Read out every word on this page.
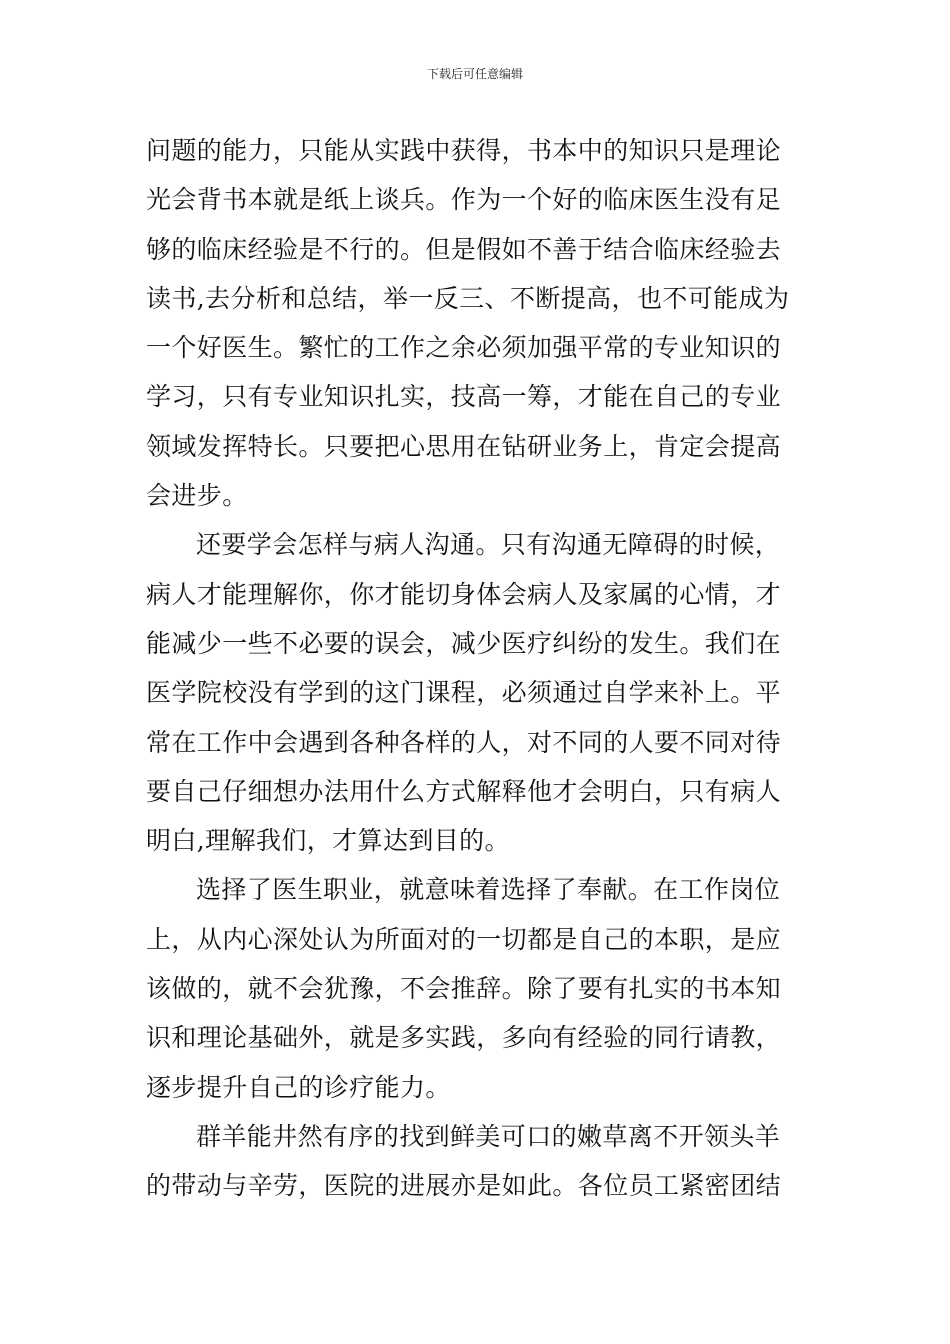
下载后可任意编辑
问题的能力，只能从实践中获得，书本中的知识只是理论
光会背书本就是纸上谈兵。作为一个好的临床医生没有足
够的临床经验是不行的。但是假如不善于结合临床经验去
读书,去分析和总结，举一反三、不断提高，也不可能成为
一个好医生。繁忙的工作之余必须加强平常的专业知识的
学习，只有专业知识扎实，技高一筹，才能在自己的专业
领域发挥特长。只要把心思用在钻研业务上，肯定会提高
会进步。
还要学会怎样与病人沟通。只有沟通无障碍的时候，
病人才能理解你，你才能切身体会病人及家属的心情，才
能减少一些不必要的误会，减少医疗纠纷的发生。我们在
医学院校没有学到的这门课程，必须通过自学来补上。平
常在工作中会遇到各种各样的人，对不同的人要不同对待
要自己仔细想办法用什么方式解释他才会明白，只有病人
明白,理解我们，才算达到目的。
选择了医生职业，就意味着选择了奉献。在工作岗位
上，从内心深处认为所面对的一切都是自己的本职，是应
该做的，就不会犹豫，不会推辞。除了要有扎实的书本知
识和理论基础外，就是多实践，多向有经验的同行请教，
逐步提升自己的诊疗能力。
群羊能井然有序的找到鲜美可口的嫩草离不开领头羊
的带动与辛劳，医院的进展亦是如此。各位员工紧密团结
